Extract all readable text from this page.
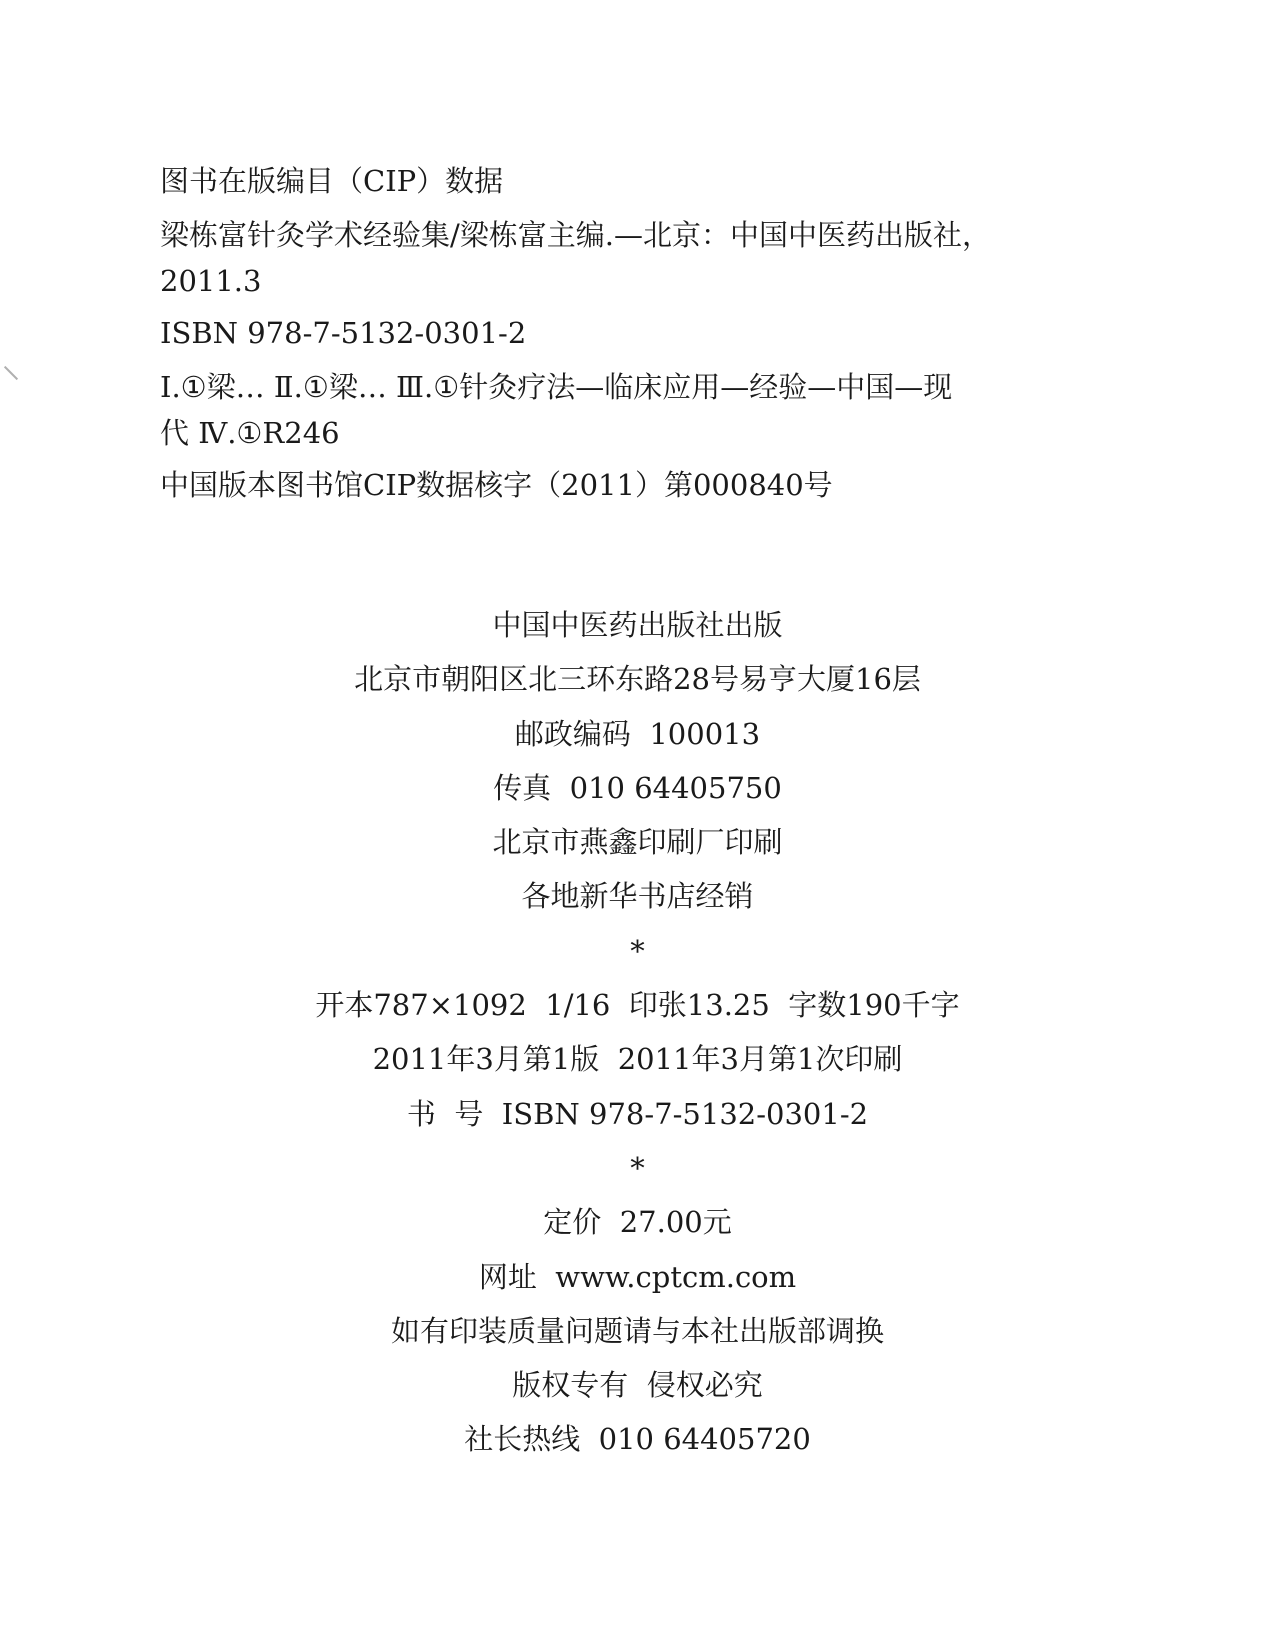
图书在版编目（CIP）数据
梁栋富针灸学术经验集/梁栋富主编.—北京：中国中医药出版社，
2011.3
ISBN 978-7-5132-0301-2
Ⅰ.①梁… Ⅱ.①梁… Ⅲ.①针灸疗法—临床应用—经验—中国—现
代 Ⅳ.①R246
中国版本图书馆CIP数据核字（2011）第000840号
中国中医药出版社出版
北京市朝阳区北三环东路28号易亨大厦16层
邮政编码  100013
传真  010 64405750
北京市燕鑫印刷厂印刷
各地新华书店经销
*
开本787×1092  1/16  印张13.25  字数190千字
2011年3月第1版  2011年3月第1次印刷
书  号  ISBN 978-7-5132-0301-2
*
定价  27.00元
网址  www.cptcm.com
如有印装质量问题请与本社出版部调换
版权专有  侵权必究
社长热线  010 64405720
